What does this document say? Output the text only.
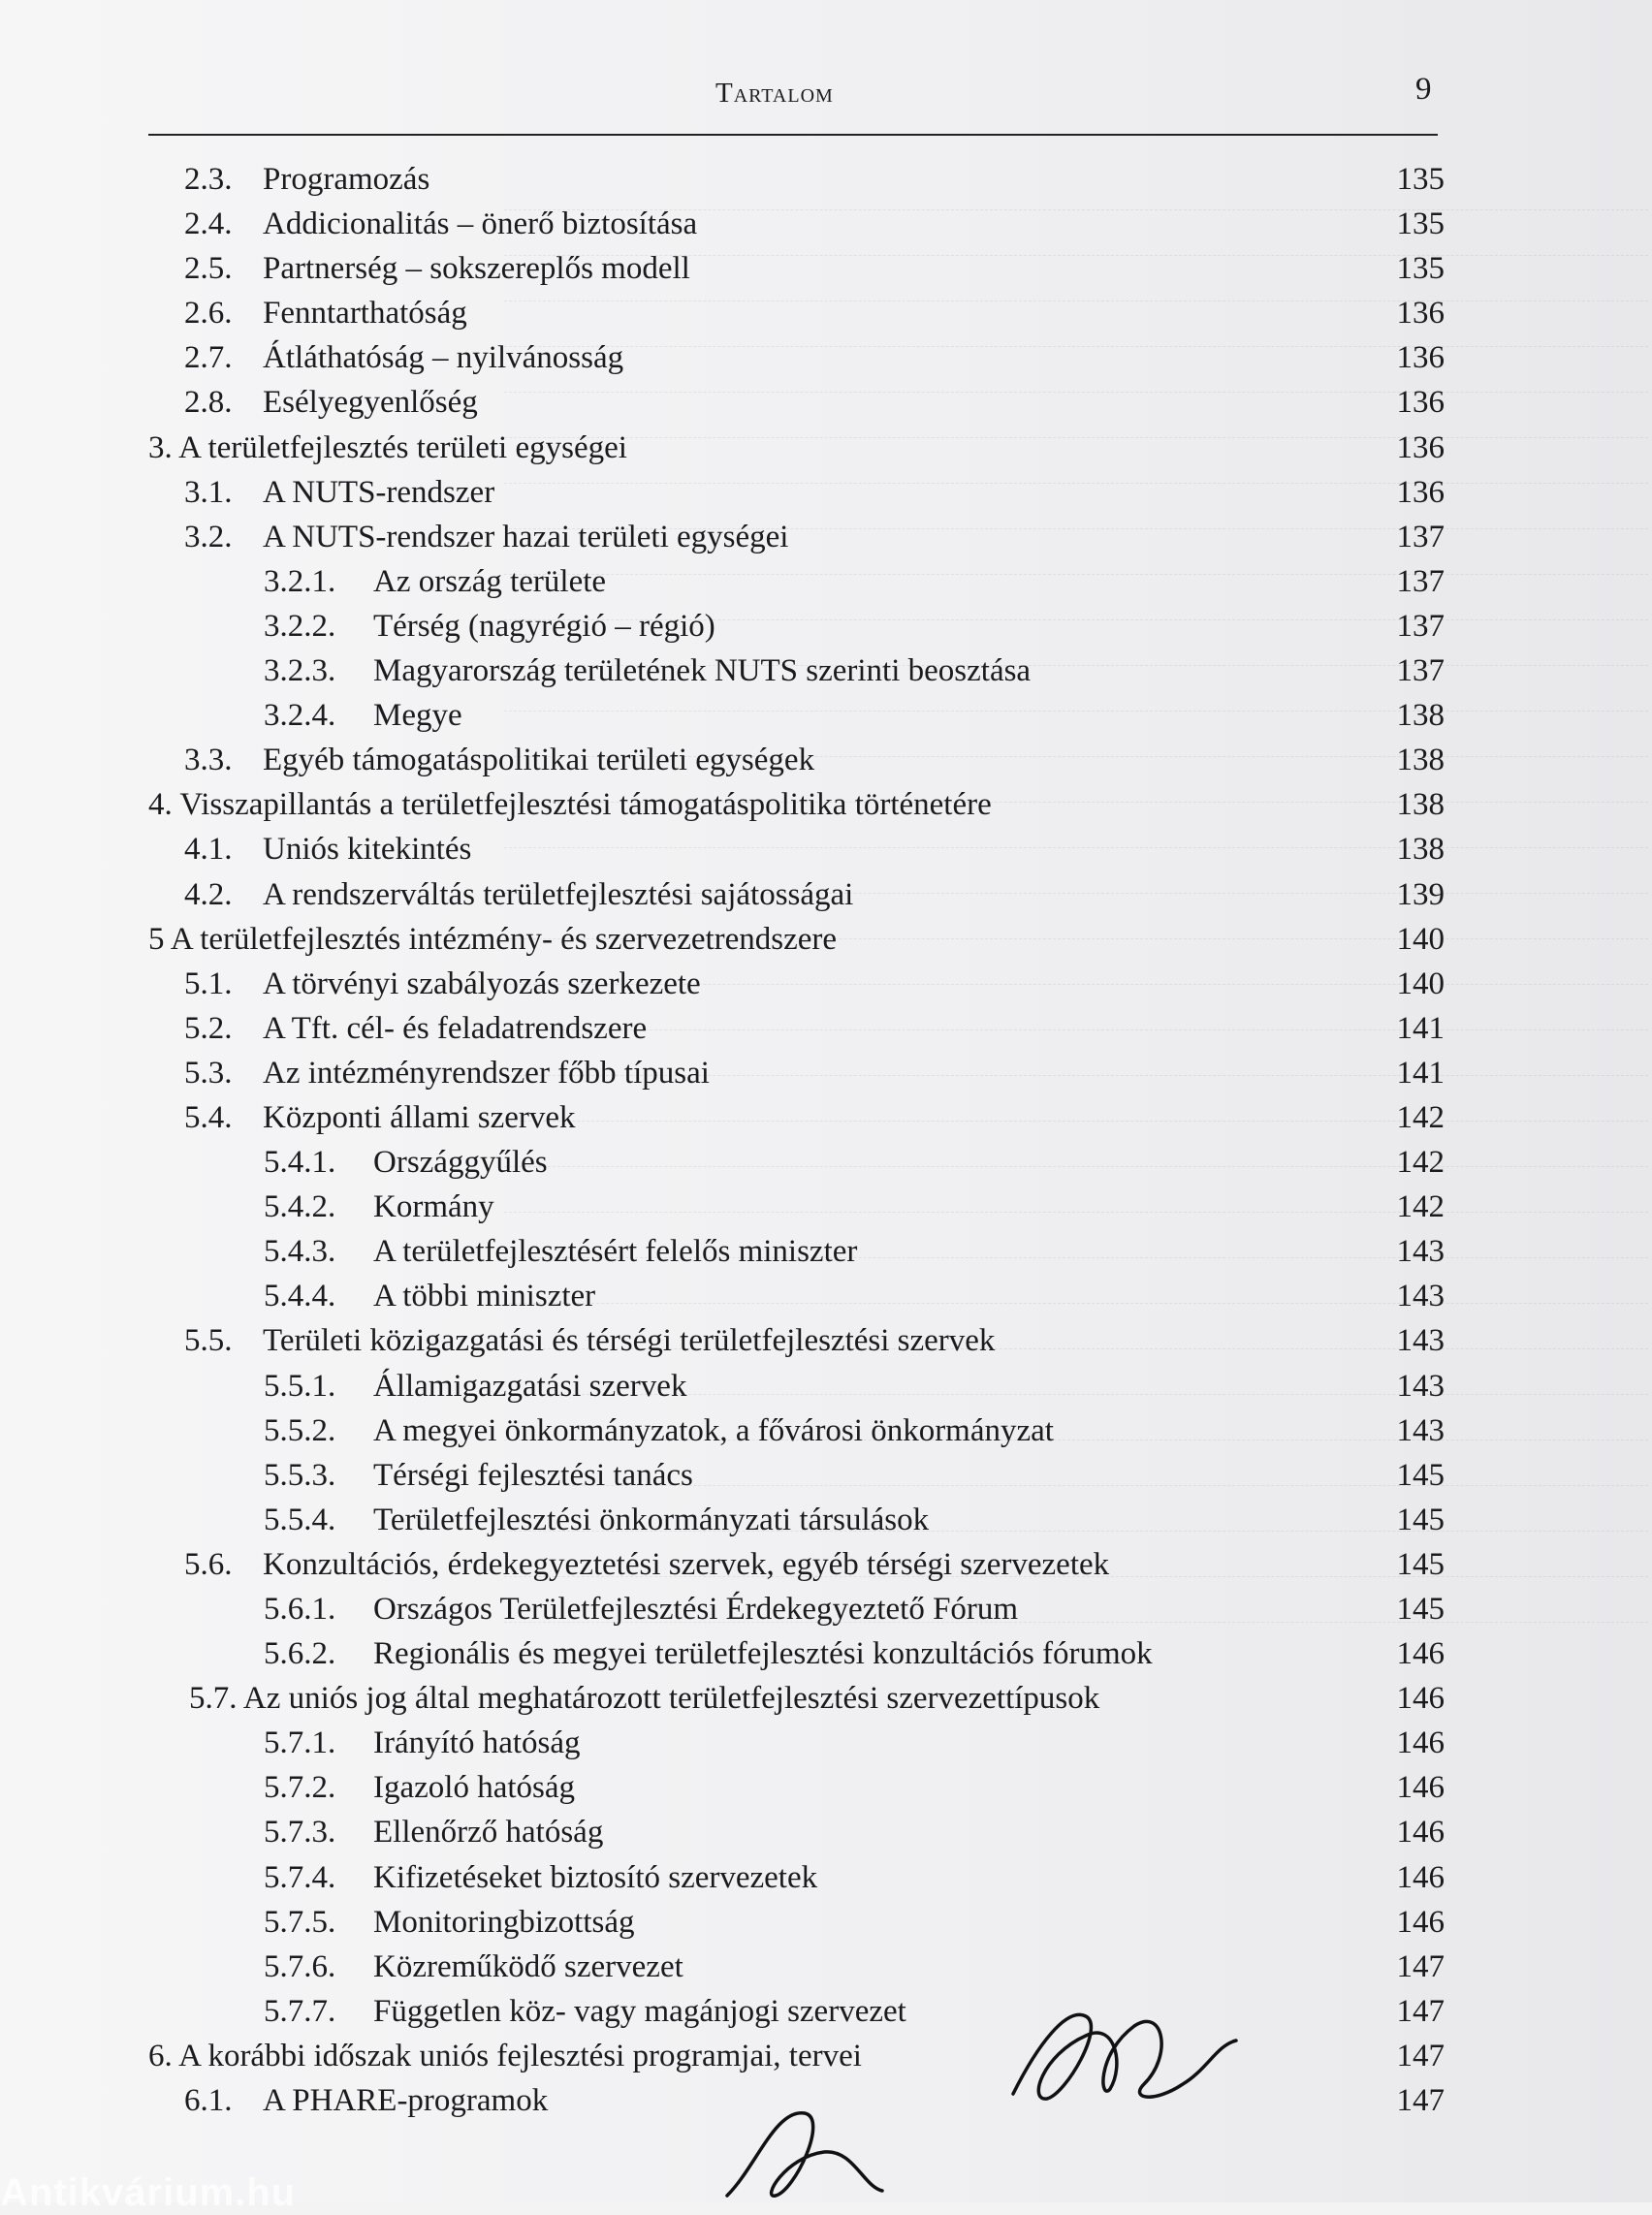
Tartalom	9
2.3. Programozás	135
2.4. Addicionalitás – önerő biztosítása	135
2.5. Partnerség – sokszereplős modell	135
2.6. Fenntarthatóság	136
2.7. Átláthatóság – nyilvánosság	136
2.8. Esélyegyenlőség	136
3. A területfejlesztés területi egységei	136
3.1. A NUTS-rendszer	136
3.2. A NUTS-rendszer hazai területi egységei	137
3.2.1. Az ország területe	137
3.2.2. Térség (nagyrégió – régió)	137
3.2.3. Magyarország területének NUTS szerinti beosztása	137
3.2.4. Megye	138
3.3. Egyéb támogatáspolitikai területi egységek	138
4. Visszapillantás a területfejlesztési támogatáspolitika történetére	138
4.1. Uniós kitekintés	138
4.2. A rendszerváltás területfejlesztési sajátosságai	139
5 A területfejlesztés intézmény- és szervezetrendszere	140
5.1. A törvényi szabályozás szerkezete	140
5.2. A Tft. cél- és feladatrendszere	141
5.3. Az intézményrendszer főbb típusai	141
5.4. Központi állami szervek	142
5.4.1. Országgyűlés	142
5.4.2. Kormány	142
5.4.3. A területfejlesztésért felelős miniszter	143
5.4.4. A többi miniszter	143
5.5. Területi közigazgatási és térségi területfejlesztési szervek	143
5.5.1. Államigazgatási szervek	143
5.5.2. A megyei önkormányzatok, a fővárosi önkormányzat	143
5.5.3. Térségi fejlesztési tanács	145
5.5.4. Területfejlesztési önkormányzati társulások	145
5.6. Konzultációs, érdekegyeztetési szervek, egyéb térségi szervezetek	145
5.6.1. Országos Területfejlesztési Érdekegyeztető Fórum	145
5.6.2. Regionális és megyei területfejlesztési konzultációs fórumok	146
5.7. Az uniós jog által meghatározott területfejlesztési szervezettípusok	146
5.7.1. Irányító hatóság	146
5.7.2. Igazoló hatóság	146
5.7.3. Ellenőrző hatóság	146
5.7.4. Kifizetéseket biztosító szervezetek	146
5.7.5. Monitoringbizottság	146
5.7.6. Közreműködő szervezet	147
5.7.7. Független köz- vagy magánjogi szervezet	147
6. A korábbi időszak uniós fejlesztési programjai, tervei	147
6.1. A PHARE-programok	147
Antikvárium.hu
